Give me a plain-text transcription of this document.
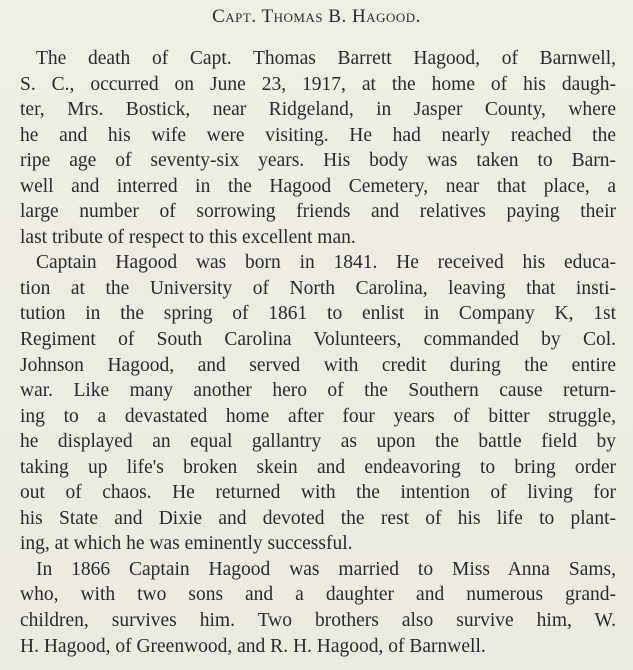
Capt. Thomas B. Hagood.
The death of Capt. Thomas Barrett Hagood, of Barnwell,
S. C., occurred on June 23, 1917, at the home of his daugh-
ter, Mrs. Bostick, near Ridgeland, in Jasper County, where
he and his wife were visiting. He had nearly reached the
ripe age of seventy-six years. His body was taken to Barn-
well and interred in the Hagood Cemetery, near that place, a
large number of sorrowing friends and relatives paying their
last tribute of respect to this excellent man.
Captain Hagood was born in 1841. He received his educa-
tion at the University of North Carolina, leaving that insti-
tution in the spring of 1861 to enlist in Company K, 1st
Regiment of South Carolina Volunteers, commanded by Col.
Johnson Hagood, and served with credit during the entire
war. Like many another hero of the Southern cause return-
ing to a devastated home after four years of bitter struggle,
he displayed an equal gallantry as upon the battle field by
taking up life's broken skein and endeavoring to bring order
out of chaos. He returned with the intention of living for
his State and Dixie and devoted the rest of his life to plant-
ing, at which he was eminently successful.
In 1866 Captain Hagood was married to Miss Anna Sams,
who, with two sons and a daughter and numerous grand-
children, survives him. Two brothers also survive him, W.
H. Hagood, of Greenwood, and R. H. Hagood, of Barnwell.
